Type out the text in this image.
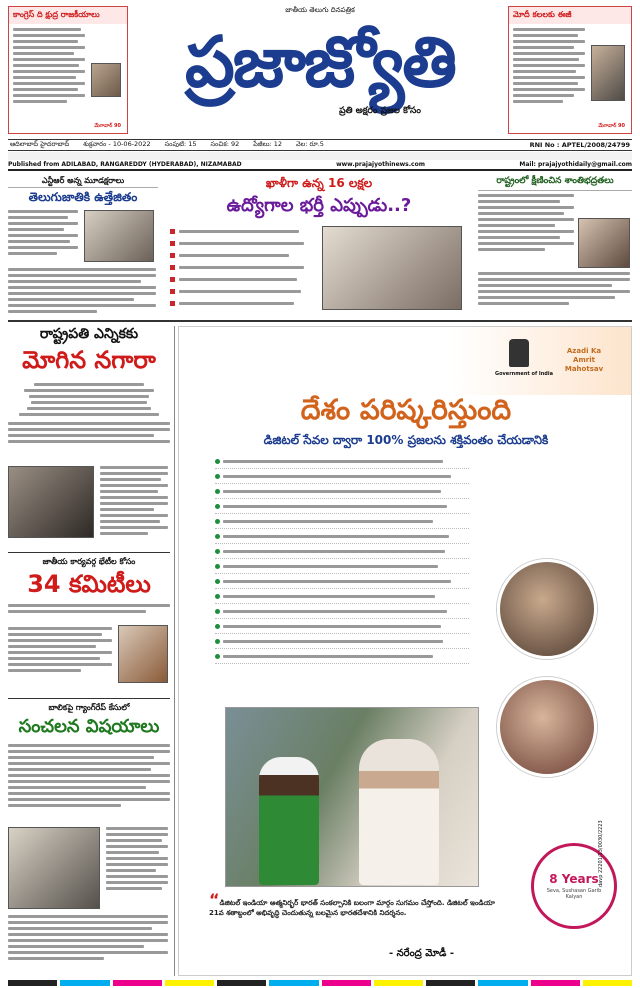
కాంగ్రెస్ ది క్షుద్ర రాజకీయాలు
మేగావార్ 90
జాతీయ తెలుగు దినపత్రిక
ప్రజాజ్యోతి
ప్రతి అక్షరం ప్రజల కోసం
మోదీ కలలకు ఈజీ
మేగావార్ 90
ఆదిలాబాద్ హైదరాబాద్ శుక్రవారం - 10-06-2022 సంపుటి: 15 సంచిక: 92 పేజీలు: 12 వెల: రూ.5	RNI No : APTEL/2008/24799
Published from ADILABAD, RANGAREDDY (HYDERABAD), NIZAMABAD	www.prajajyothinews.com	Mail: prajajyothidaily@gmail.com
ఎన్టీఆర్ అన్న మూడక్షరాలు
తెలుగుజాతికి ఉత్తేజితం
ఖాళీగా ఉన్న 16 లక్షల
ఉద్యోగాల భర్తీ ఎప్పుడు..?
రాష్ట్రంలో క్షీణించిన శాంతిభద్రతలు
రాష్ట్రపతి ఎన్నికకు
మోగిన నగారా
జాతీయ కార్యవర్గ భేటీల కోసం
34 కమిటీలు
బాలికపై గ్యాంగ్‌రేప్ కేసులో
సంచలన విషయాలు
Government of India
Azadi Ka Amrit Mahotsav
దేశం పరిష్కరిస్తుంది
డిజిటల్ సేవల ద్వారా 100% ప్రజలను శక్తివంతం చేయడానికి
8 Years
Seva, Sushasan Garib Kalyan
“డిజిటల్ ఇండియా ఆత్మనిర్భర్ భారత్ సంకల్పానికి బలంగా మార్గం సుగమం చేస్తోంది. డిజిటల్ ఇండియా 21వ శతాబ్దంలో అభివృద్ధి చెందుతున్న బలమైన భారతదేశానికి నిదర్శనం.
- నరేంద్ర మోడీ -
davp 22201/13/0030/2223
